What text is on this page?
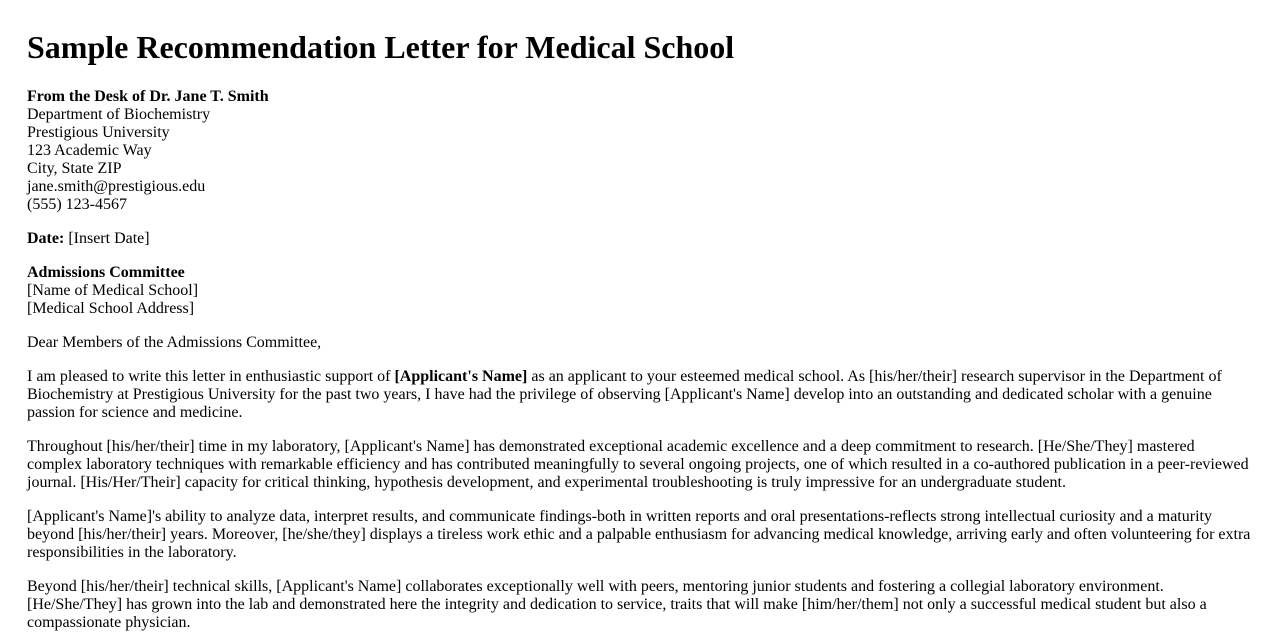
Sample Recommendation Letter for Medical School

From the Desk of Dr. Jane T. Smith
Department of Biochemistry
Prestigious University
123 Academic Way
City, State ZIP
jane.smith@prestigious.edu
(555) 123-4567

Date: [Insert Date]

Admissions Committee
[Name of Medical School]
[Medical School Address]

Dear Members of the Admissions Committee,

I am pleased to write this letter in enthusiastic support of [Applicant's Name] as an applicant to your esteemed medical school. As [his/her/their] research supervisor in the Department of Biochemistry at Prestigious University for the past two years, I have had the privilege of observing [Applicant's Name] develop into an outstanding and dedicated scholar with a genuine passion for science and medicine.

Throughout [his/her/their] time in my laboratory, [Applicant's Name] has demonstrated exceptional academic excellence and a deep commitment to research. [He/She/They] mastered complex laboratory techniques with remarkable efficiency and has contributed meaningfully to several ongoing projects, one of which resulted in a co-authored publication in a peer-reviewed journal. [His/Her/Their] capacity for critical thinking, hypothesis development, and experimental troubleshooting is truly impressive for an undergraduate student.

[Applicant's Name]'s ability to analyze data, interpret results, and communicate findings-both in written reports and oral presentations-reflects strong intellectual curiosity and a maturity beyond [his/her/their] years. Moreover, [he/she/they] displays a tireless work ethic and a palpable enthusiasm for advancing medical knowledge, arriving early and often volunteering for extra responsibilities in the laboratory.

Beyond [his/her/their] technical skills, [Applicant's Name] collaborates exceptionally well with peers, mentoring junior students and fostering a collegial laboratory environment. [He/She/They] has grown into the lab and demonstrated here the integrity and dedication to service, traits that will make [him/her/them] not only a successful medical student but also a compassionate physician.
